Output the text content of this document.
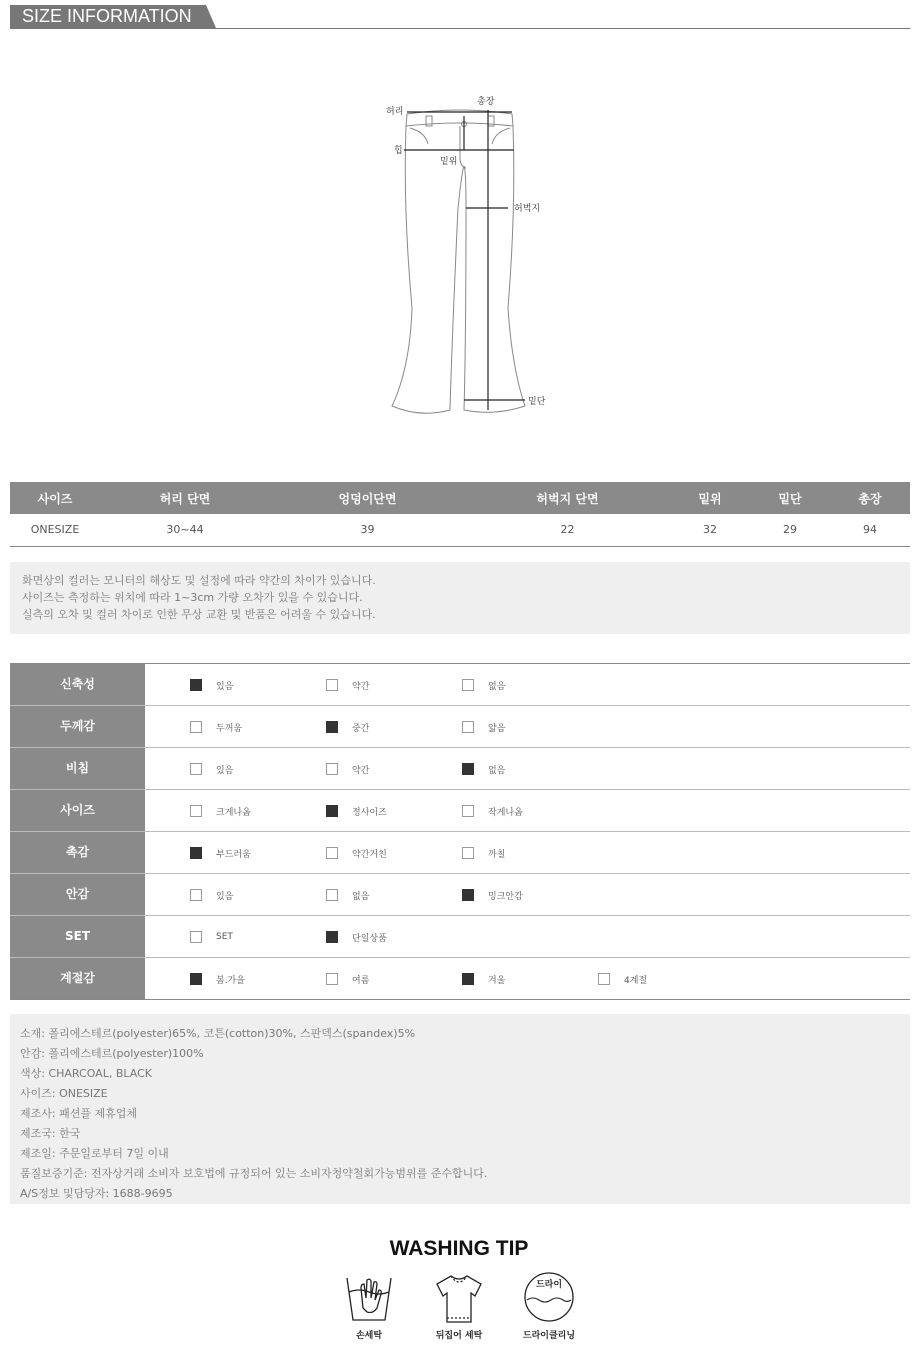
SIZE INFORMATION
허리
총장
힙
밑위
허벅지
밑단
사이즈	허리 단면	엉덩이단면	허벅지 단면	밑위	밑단	총장
ONESIZE	30~44	39	22	32	29	94
화면상의 컬러는 모니터의 해상도 및 설정에 따라 약간의 차이가 있습니다.
사이즈는 측정하는 위치에 따라 1~3cm 가량 오차가 있을 수 있습니다.
실측의 오차 및 컬러 차이로 인한 무상 교환 및 반품은 어려울 수 있습니다.
신축성	있음	약간	없음
두께감	두꺼움	중간	얇음
비침	있음	약간	없음
사이즈	크게나옴	정사이즈	작게나옴
촉감	부드러움	약간거친	까칠
안감	있음	없음	밍크안감
SET	SET	단일상품
계절감	봄.가을	여름	겨울	4계절
소재: 폴리에스테르(polyester)65%, 코튼(cotton)30%, 스판덱스(spandex)5%
안감: 폴리에스테르(polyester)100%
색상: CHARCOAL, BLACK
사이즈: ONESIZE
제조사: 패션플 제휴업체
제조국: 한국
제조일: 주문일로부터 7일 이내
품질보증기준: 전자상거래 소비자 보호법에 규정되어 있는 소비자청약철회가능범위를 준수합니다.
A/S정보 및담당자: 1688-9695
WASHING TIP
손세탁	뒤집어 세탁
드라이
드라이클리닝
